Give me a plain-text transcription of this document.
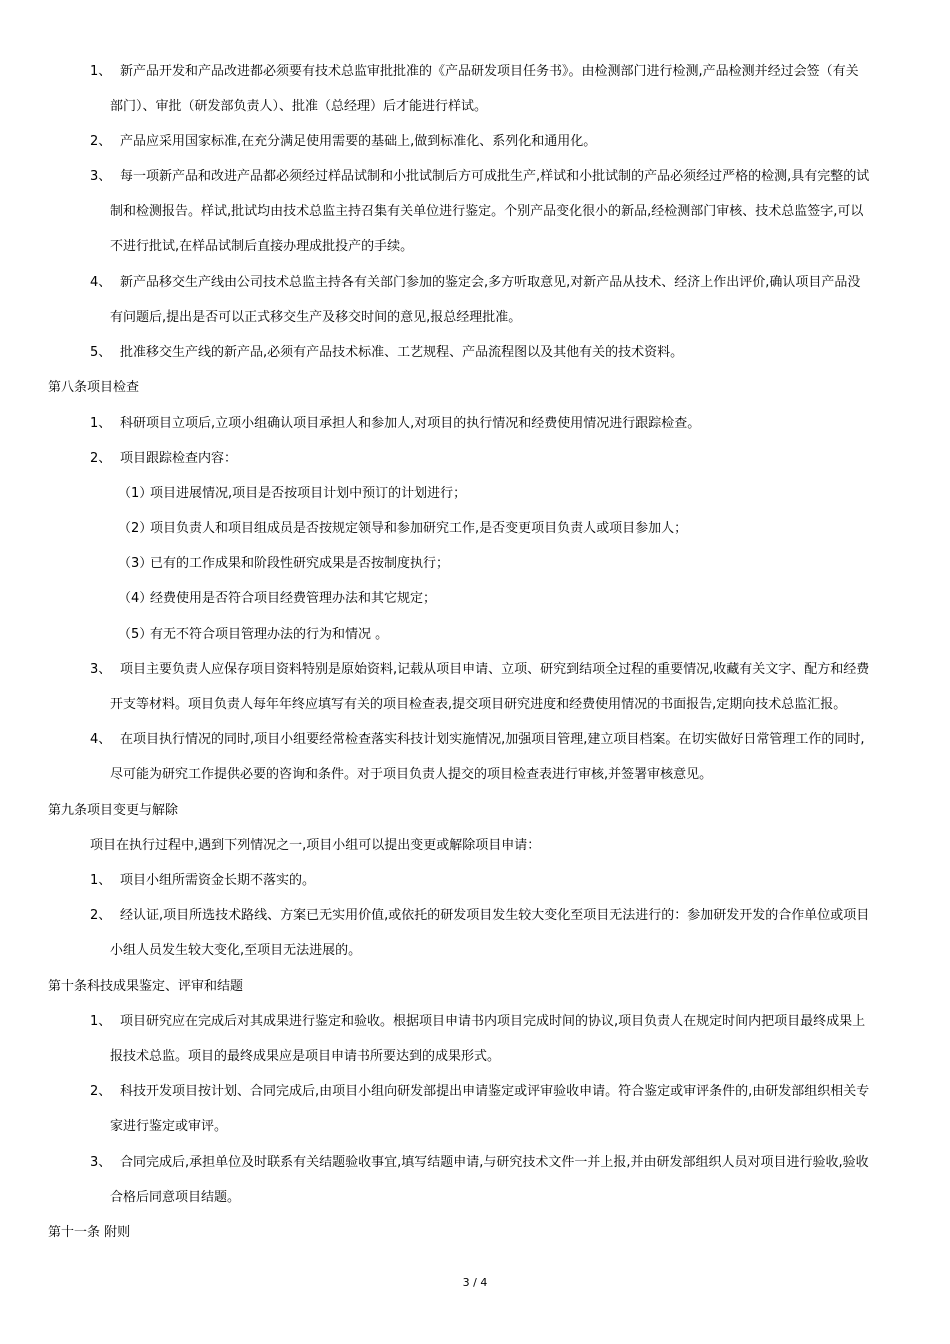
1、 新产品开发和产品改进都必须要有技术总监审批批准的《产品研发项目任务书》。由检测部门进行检测,产品检测并经过会签（有关
部门）、审批（研发部负责人）、批准（总经理）后才能进行样试。
2、 产品应采用国家标准,在充分满足使用需要的基础上,做到标准化、系列化和通用化。
3、 每一项新产品和改进产品都必须经过样品试制和小批试制后方可成批生产,样试和小批试制的产品必须经过严格的检测,具有完整的试
制和检测报告。样试,批试均由技术总监主持召集有关单位进行鉴定。个别产品变化很小的新品,经检测部门审核、技术总监签字,可以
不进行批试,在样品试制后直接办理成批投产的手续。
4、 新产品移交生产线由公司技术总监主持各有关部门参加的鉴定会,多方听取意见,对新产品从技术、经济上作出评价,确认项目产品没
有问题后,提出是否可以正式移交生产及移交时间的意见,报总经理批准。
5、 批准移交生产线的新产品,必须有产品技术标准、工艺规程、产品流程图以及其他有关的技术资料。
第八条项目检查
1、 科研项目立项后,立项小组确认项目承担人和参加人,对项目的执行情况和经费使用情况进行跟踪检查。
2、 项目跟踪检查内容：
（1）
项目进展情况,项目是否按项目计划中预订的计划进行；
（2）
项目负责人和项目组成员是否按规定领导和参加研究工作,是否变更项目负责人或项目参加人；
（3）
已有的工作成果和阶段性研究成果是否按制度执行；
（4）
经费使用是否符合项目经费管理办法和其它规定；
（5）
有无不符合项目管理办法的行为和情况 。
3、 项目主要负责人应保存项目资料特别是原始资料,记载从项目申请、立项、研究到结项全过程的重要情况,收藏有关文字、配方和经费
开支等材料。项目负责人每年年终应填写有关的项目检查表,提交项目研究进度和经费使用情况的书面报告,定期向技术总监汇报。
4、 在项目执行情况的同时,项目小组要经常检查落实科技计划实施情况,加强项目管理,建立项目档案。在切实做好日常管理工作的同时,
尽可能为研究工作提供必要的咨询和条件。对于项目负责人提交的项目检查表进行审核,并签署审核意见。
第九条项目变更与解除
项目在执行过程中,遇到下列情况之一,项目小组可以提出变更或解除项目申请：
1、 项目小组所需资金长期不落实的。
2、 经认证,项目所选技术路线、方案已无实用价值,或依托的研发项目发生较大变化至项目无法进行的：参加研发开发的合作单位或项目
小组人员发生较大变化,至项目无法进展的。
第十条科技成果鉴定、评审和结题
1、 项目研究应在完成后对其成果进行鉴定和验收。根据项目申请书内项目完成时间的协议,项目负责人在规定时间内把项目最终成果上
报技术总监。项目的最终成果应是项目申请书所要达到的成果形式。
2、 科技开发项目按计划、合同完成后,由项目小组向研发部提出申请鉴定或评审验收申请。符合鉴定或审评条件的,由研发部组织相关专
家进行鉴定或审评。
3、 合同完成后,承担单位及时联系有关结题验收事宜,填写结题申请,与研究技术文件一并上报,并由研发部组织人员对项目进行验收,验收
合格后同意项目结题。
第十一条 附则
3 / 4
